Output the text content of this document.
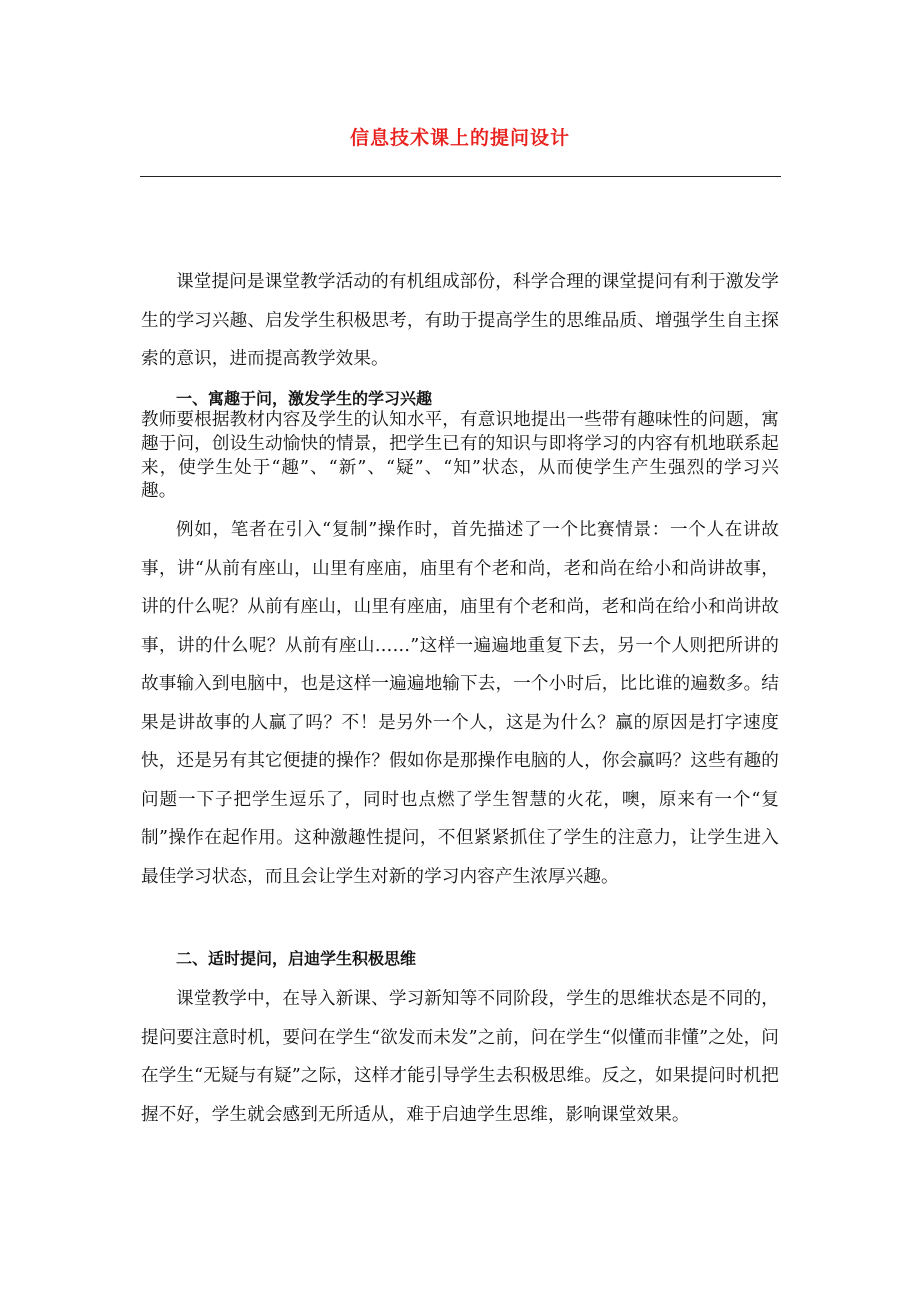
信息技术课上的提问设计

课堂提问是课堂教学活动的有机组成部份，科学合理的课堂提问有利于激发学生的学习兴趣、启发学生积极思考，有助于提高学生的思维品质、增强学生自主探索的意识，进而提高教学效果。

一、寓趣于问，激发学生的学习兴趣

教师要根据教材内容及学生的认知水平，有意识地提出一些带有趣味性的问题，寓趣于问，创设生动愉快的情景，把学生已有的知识与即将学习的内容有机地联系起来，使学生处于“趣”、“新”、“疑”、“知”状态，从而使学生产生强烈的学习兴趣。

例如，笔者在引入“复制”操作时，首先描述了一个比赛情景：一个人在讲故事，讲“从前有座山，山里有座庙，庙里有个老和尚，老和尚在给小和尚讲故事，讲的什么呢？从前有座山，山里有座庙，庙里有个老和尚，老和尚在给小和尚讲故事，讲的什么呢？从前有座山……”这样一遍遍地重复下去，另一个人则把所讲的故事输入到电脑中，也是这样一遍遍地输下去，一个小时后，比比谁的遍数多。结果是讲故事的人赢了吗？不！是另外一个人，这是为什么？赢的原因是打字速度快，还是另有其它便捷的操作？假如你是那操作电脑的人，你会赢吗？这些有趣的问题一下子把学生逗乐了，同时也点燃了学生智慧的火花，噢，原来有一个“复制”操作在起作用。这种激趣性提问，不但紧紧抓住了学生的注意力，让学生进入最佳学习状态，而且会让学生对新的学习内容产生浓厚兴趣。

二、适时提问，启迪学生积极思维

课堂教学中，在导入新课、学习新知等不同阶段，学生的思维状态是不同的，提问要注意时机，要问在学生“欲发而未发”之前，问在学生“似懂而非懂”之处，问在学生“无疑与有疑”之际，这样才能引导学生去积极思维。反之，如果提问时机把握不好，学生就会感到无所适从，难于启迪学生思维，影响课堂效果。
